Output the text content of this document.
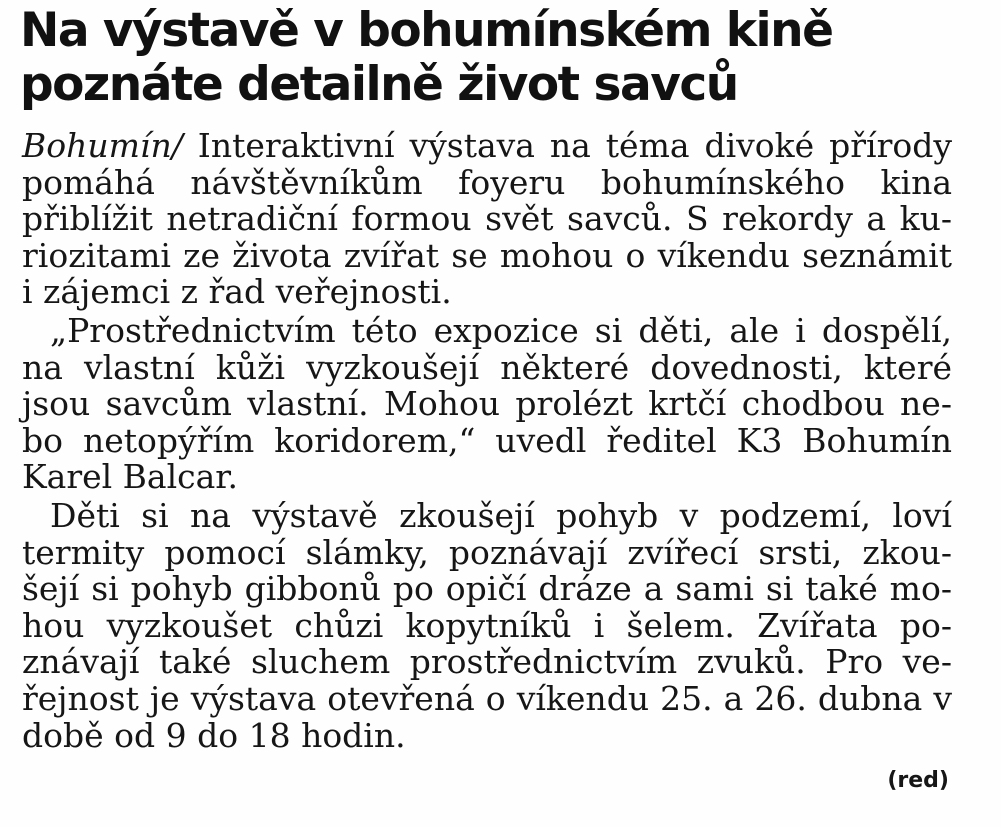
Na výstavě v bohumínském kině
poznáte detailně život savců
Bohumín/ Interaktivní výstava na téma divoké přírody
pomáhá návštěvníkům foyeru bohumínského kina
přiblížit netradiční formou svět savců. S rekordy a ku-
riozitami ze života zvířat se mohou o víkendu seznámit
i zájemci z řad veřejnosti.
„Prostřednictvím této expozice si děti, ale i dospělí,
na vlastní kůži vyzkoušejí některé dovednosti, které
jsou savcům vlastní. Mohou prolézt krtčí chodbou ne-
bo netopýřím koridorem,“ uvedl ředitel K3 Bohumín
Karel Balcar.
Děti si na výstavě zkoušejí pohyb v podzemí, loví
termity pomocí slámky, poznávají zvířecí srsti, zkou-
šejí si pohyb gibbonů po opičí dráze a sami si také mo-
hou vyzkoušet chůzi kopytníků i šelem. Zvířata po-
znávají také sluchem prostřednictvím zvuků. Pro ve-
řejnost je výstava otevřená o víkendu 25. a 26. dubna v
době od 9 do 18 hodin.
(red)
